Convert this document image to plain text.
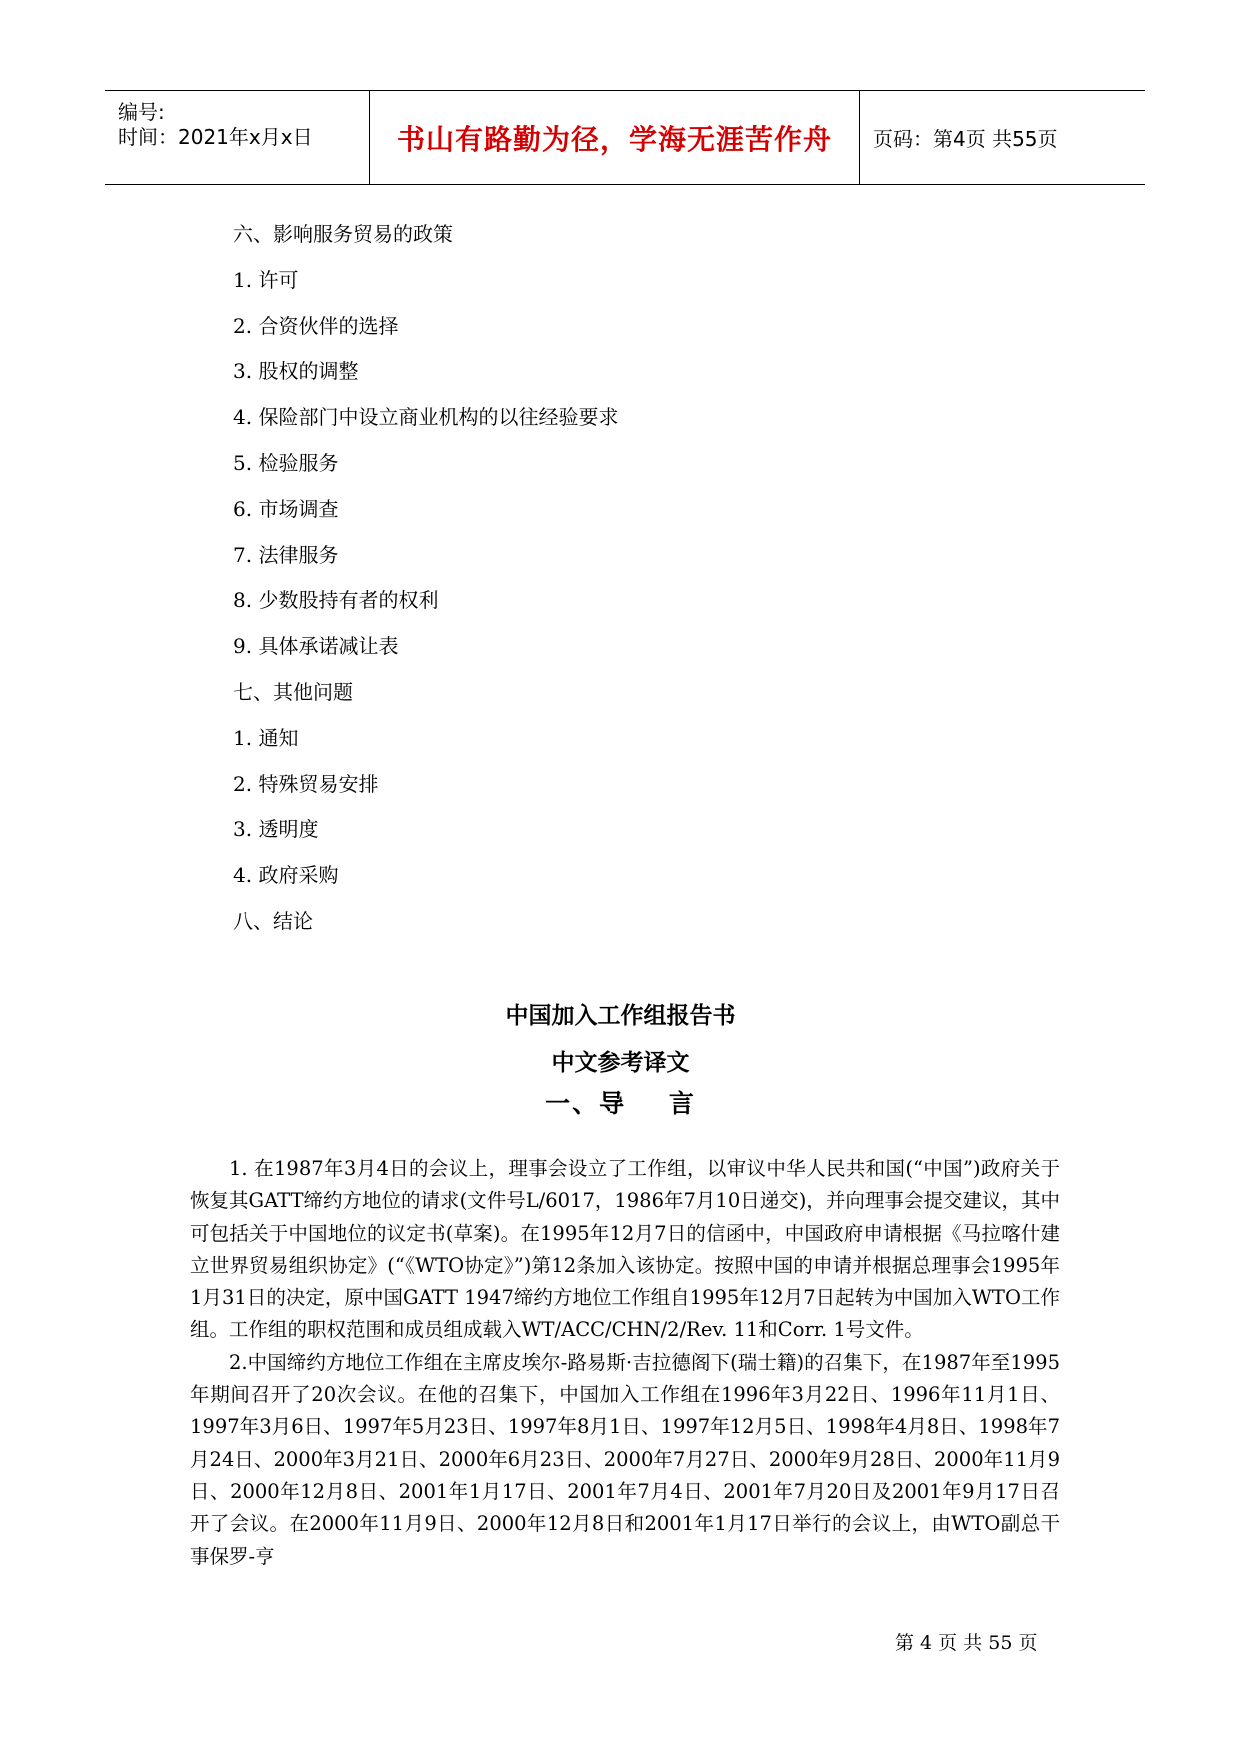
编号:
时间：2021年x月x日	书山有路勤为径，学海无涯苦作舟 页码：第4页 共55页
六、影响服务贸易的政策
1. 许可
2. 合资伙伴的选择
3. 股权的调整
4. 保险部门中设立商业机构的以往经验要求
5. 检验服务
6. 市场调查
7. 法律服务
8. 少数股持有者的权利
9. 具体承诺减让表
七、其他问题
1. 通知
2. 特殊贸易安排
3. 透明度
4. 政府采购
八、结论
中国加入工作组报告书
中文参考译文
一、导    言

1. 在1987年3月4日的会议上，理事会设立了工作组，以审议中华人民共和国(“中国”)政府关于恢复其GATT缔约方地位的请求(文件号L/6017，1986年7月10日递交)，并向理事会提交建议，其中可包括关于中国地位的议定书(草案)。在1995年12月7日的信函中，中国政府申请根据《马拉喀什建立世界贸易组织协定》(“《WTO协定》”)第12条加入该协定。按照中国的申请并根据总理事会1995年1月31日的决定，原中国GATT 1947缔约方地位工作组自1995年12月7日起转为中国加入WTO工作组。工作组的职权范围和成员组成载入WT/ACC/CHN/2/Rev. 11和Corr. 1号文件。

2.中国缔约方地位工作组在主席皮埃尔-路易斯·吉拉德阁下(瑞士籍)的召集下，在1987年至1995年期间召开了20次会议。在他的召集下，中国加入工作组在1996年3月22日、1996年11月1日、1997年3月6日、1997年5月23日、1997年8月1日、1997年12月5日、1998年4月8日、1998年7月24日、2000年3月21日、2000年6月23日、2000年7月27日、2000年9月28日、2000年11月9日、2000年12月8日、2001年1月17日、2001年7月4日、2001年7月20日及2001年9月17日召开了会议。在2000年11月9日、2000年12月8日和2001年1月17日举行的会议上，由WTO副总干事保罗-亨

第 4 页 共 55 页
